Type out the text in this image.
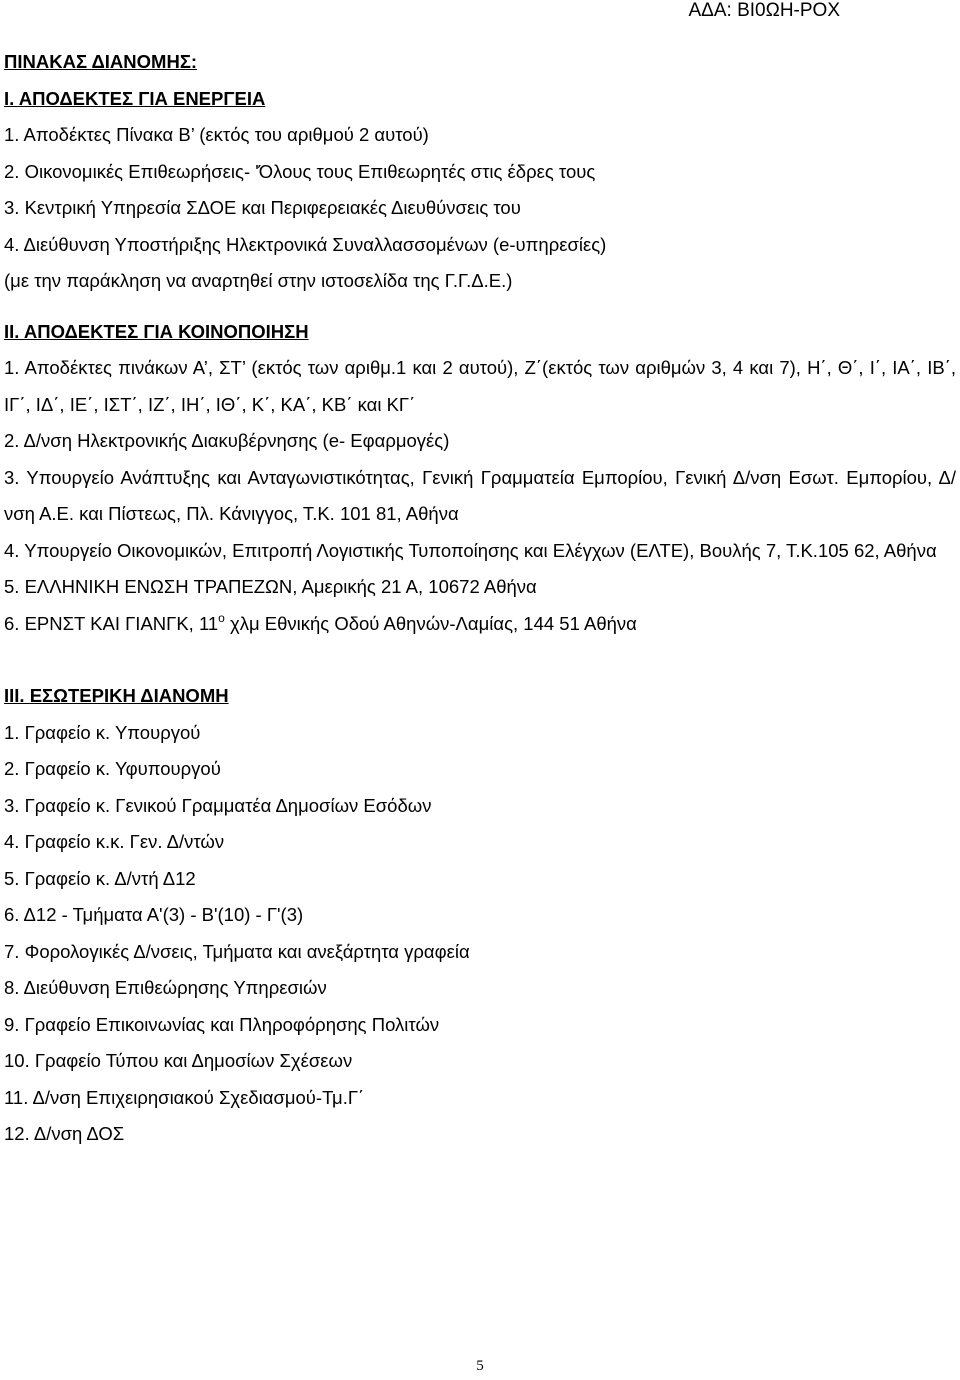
ΑΔΑ: ΒΙ0ΩΗ-ΡΟΧ
ΠΙΝΑΚΑΣ ΔΙΑΝΟΜΗΣ:
Ι. ΑΠΟΔΕΚΤΕΣ ΓΙΑ ΕΝΕΡΓΕΙΑ
1. Αποδέκτες Πίνακα Β’ (εκτός του αριθμού 2 αυτού)
2. Οικονομικές Επιθεωρήσεις- 'Όλους τους Επιθεωρητές στις έδρες τους
3. Κεντρική Υπηρεσία ΣΔΟΕ και Περιφερειακές Διευθύνσεις του
4. Διεύθυνση Υποστήριξης Ηλεκτρονικά Συναλλασσομένων (e-υπηρεσίες)
(με την παράκληση να αναρτηθεί στην ιστοσελίδα της Γ.Γ.Δ.Ε.)
ΙΙ. ΑΠΟΔΕΚΤΕΣ ΓΙΑ ΚΟΙΝΟΠΟΙΗΣΗ
1. Αποδέκτες πινάκων Α’, ΣΤ’ (εκτός των αριθμ.1 και 2 αυτού), Ζ΄(εκτός των αριθμών 3, 4 και 7), Η΄, Θ΄, Ι΄, ΙΑ΄, ΙΒ΄, ΙΓ΄, ΙΔ΄, ΙΕ΄, ΙΣΤ΄, ΙΖ΄, ΙΗ΄, ΙΘ΄, Κ΄, ΚΑ΄, ΚΒ΄ και ΚΓ΄
2. Δ/νση Ηλεκτρονικής Διακυβέρνησης (e- Εφαρμογές)
3. Υπουργείο Ανάπτυξης και Ανταγωνιστικότητας, Γενική Γραμματεία Εμπορίου, Γενική Δ/νση Εσωτ. Εμπορίου, Δ/νση Α.Ε. και Πίστεως, Πλ. Κάνιγγος, Τ.Κ. 101 81, Αθήνα
4. Υπουργείο Οικονομικών, Επιτροπή Λογιστικής Τυποποίησης και Ελέγχων (ΕΛΤΕ), Βουλής 7, Τ.Κ.105 62, Αθήνα
5. ΕΛΛΗΝΙΚΗ ΕΝΩΣΗ ΤΡΑΠΕΖΩΝ, Αμερικής 21 Α, 10672 Αθήνα
6. ΕΡΝΣΤ ΚΑΙ ΓΙΑΝΓΚ, $11^o$ χλμ Εθνικής Οδού Αθηνών-Λαμίας, 144 51 Αθήνα
ΙΙΙ. ΕΣΩΤΕΡΙΚΗ ΔΙΑΝΟΜΗ
1. Γραφείο κ. Υπουργού
2. Γραφείο κ. Υφυπουργού
3. Γραφείο κ. Γενικού Γραμματέα Δημοσίων Εσόδων
4. Γραφείο κ.κ. Γεν. Δ/ντών
5. Γραφείο κ. Δ/ντή Δ12
6. Δ12 - Τμήματα Α'(3) - Β'(10) - Γ'(3)
7. Φορολογικές Δ/νσεις, Τμήματα και ανεξάρτητα γραφεία
8. Διεύθυνση Επιθεώρησης Υπηρεσιών
9. Γραφείο Επικοινωνίας και Πληροφόρησης Πολιτών
10. Γραφείο Τύπου και Δημοσίων Σχέσεων
11. Δ/νση Επιχειρησιακού Σχεδιασμού-Τμ.Γ΄
12. Δ/νση ΔΟΣ
5
